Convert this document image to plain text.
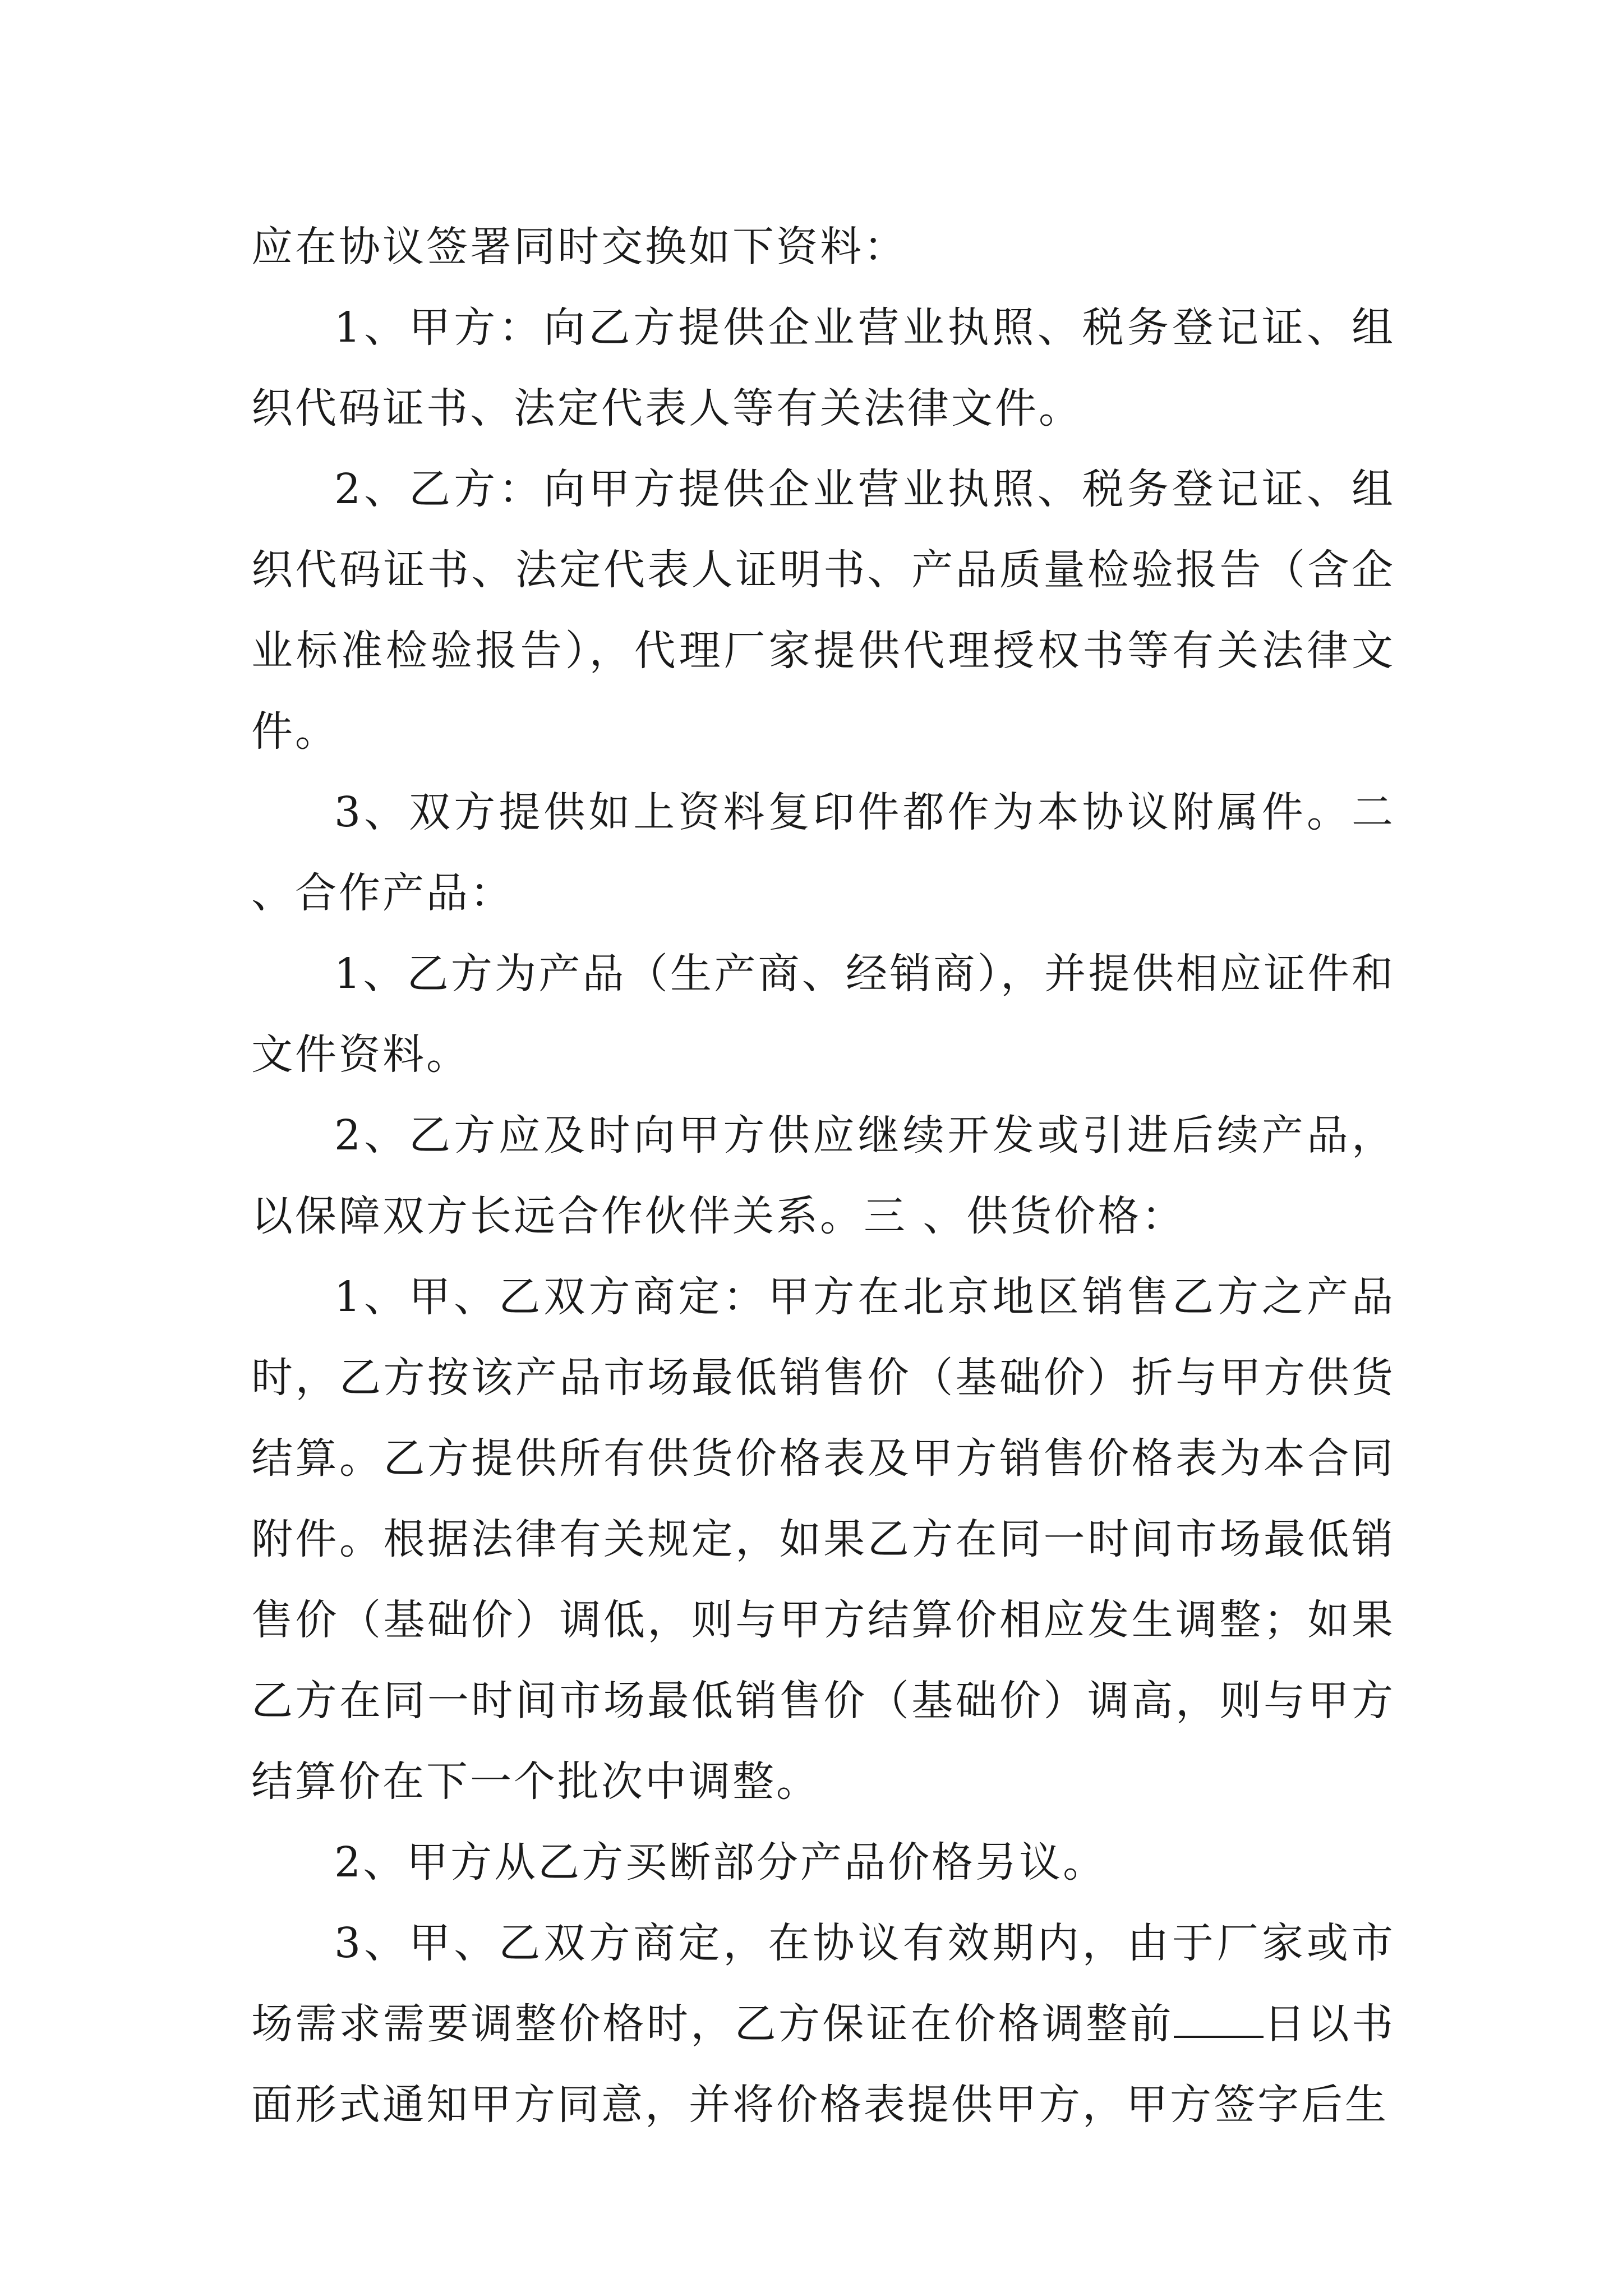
应在协议签署同时交换如下资料：

1、甲方：向乙方提供企业营业执照、税务登记证、组织代码证书、法定代表人等有关法律文件。

2、乙方：向甲方提供企业营业执照、税务登记证、组织代码证书、法定代表人证明书、产品质量检验报告（含企业标准检验报告），代理厂家提供代理授权书等有关法律文件。

3、双方提供如上资料复印件都作为本协议附属件。二 、合作产品：

1、乙方为产品（生产商、经销商），并提供相应证件和文件资料。

2、乙方应及时向甲方供应继续开发或引进后续产品，以保障双方长远合作伙伴关系。三 、供货价格：

1、甲、乙双方商定：甲方在北京地区销售乙方之产品时，乙方按该产品市场最低销售价（基础价）折与甲方供货结算。乙方提供所有供货价格表及甲方销售价格表为本合同附件。根据法律有关规定，如果乙方在同一时间市场最低销售价（基础价）调低，则与甲方结算价相应发生调整；如果乙方在同一时间市场最低销售价（基础价）调高，则与甲方结算价在下一个批次中调整。

2、甲方从乙方买断部分产品价格另议。

3、甲、乙双方商定，在协议有效期内，由于厂家或市场需求需要调整价格时，乙方保证在价格调整前 日以书面形式通知甲方同意，并将价格表提供甲方，甲方签字后生
